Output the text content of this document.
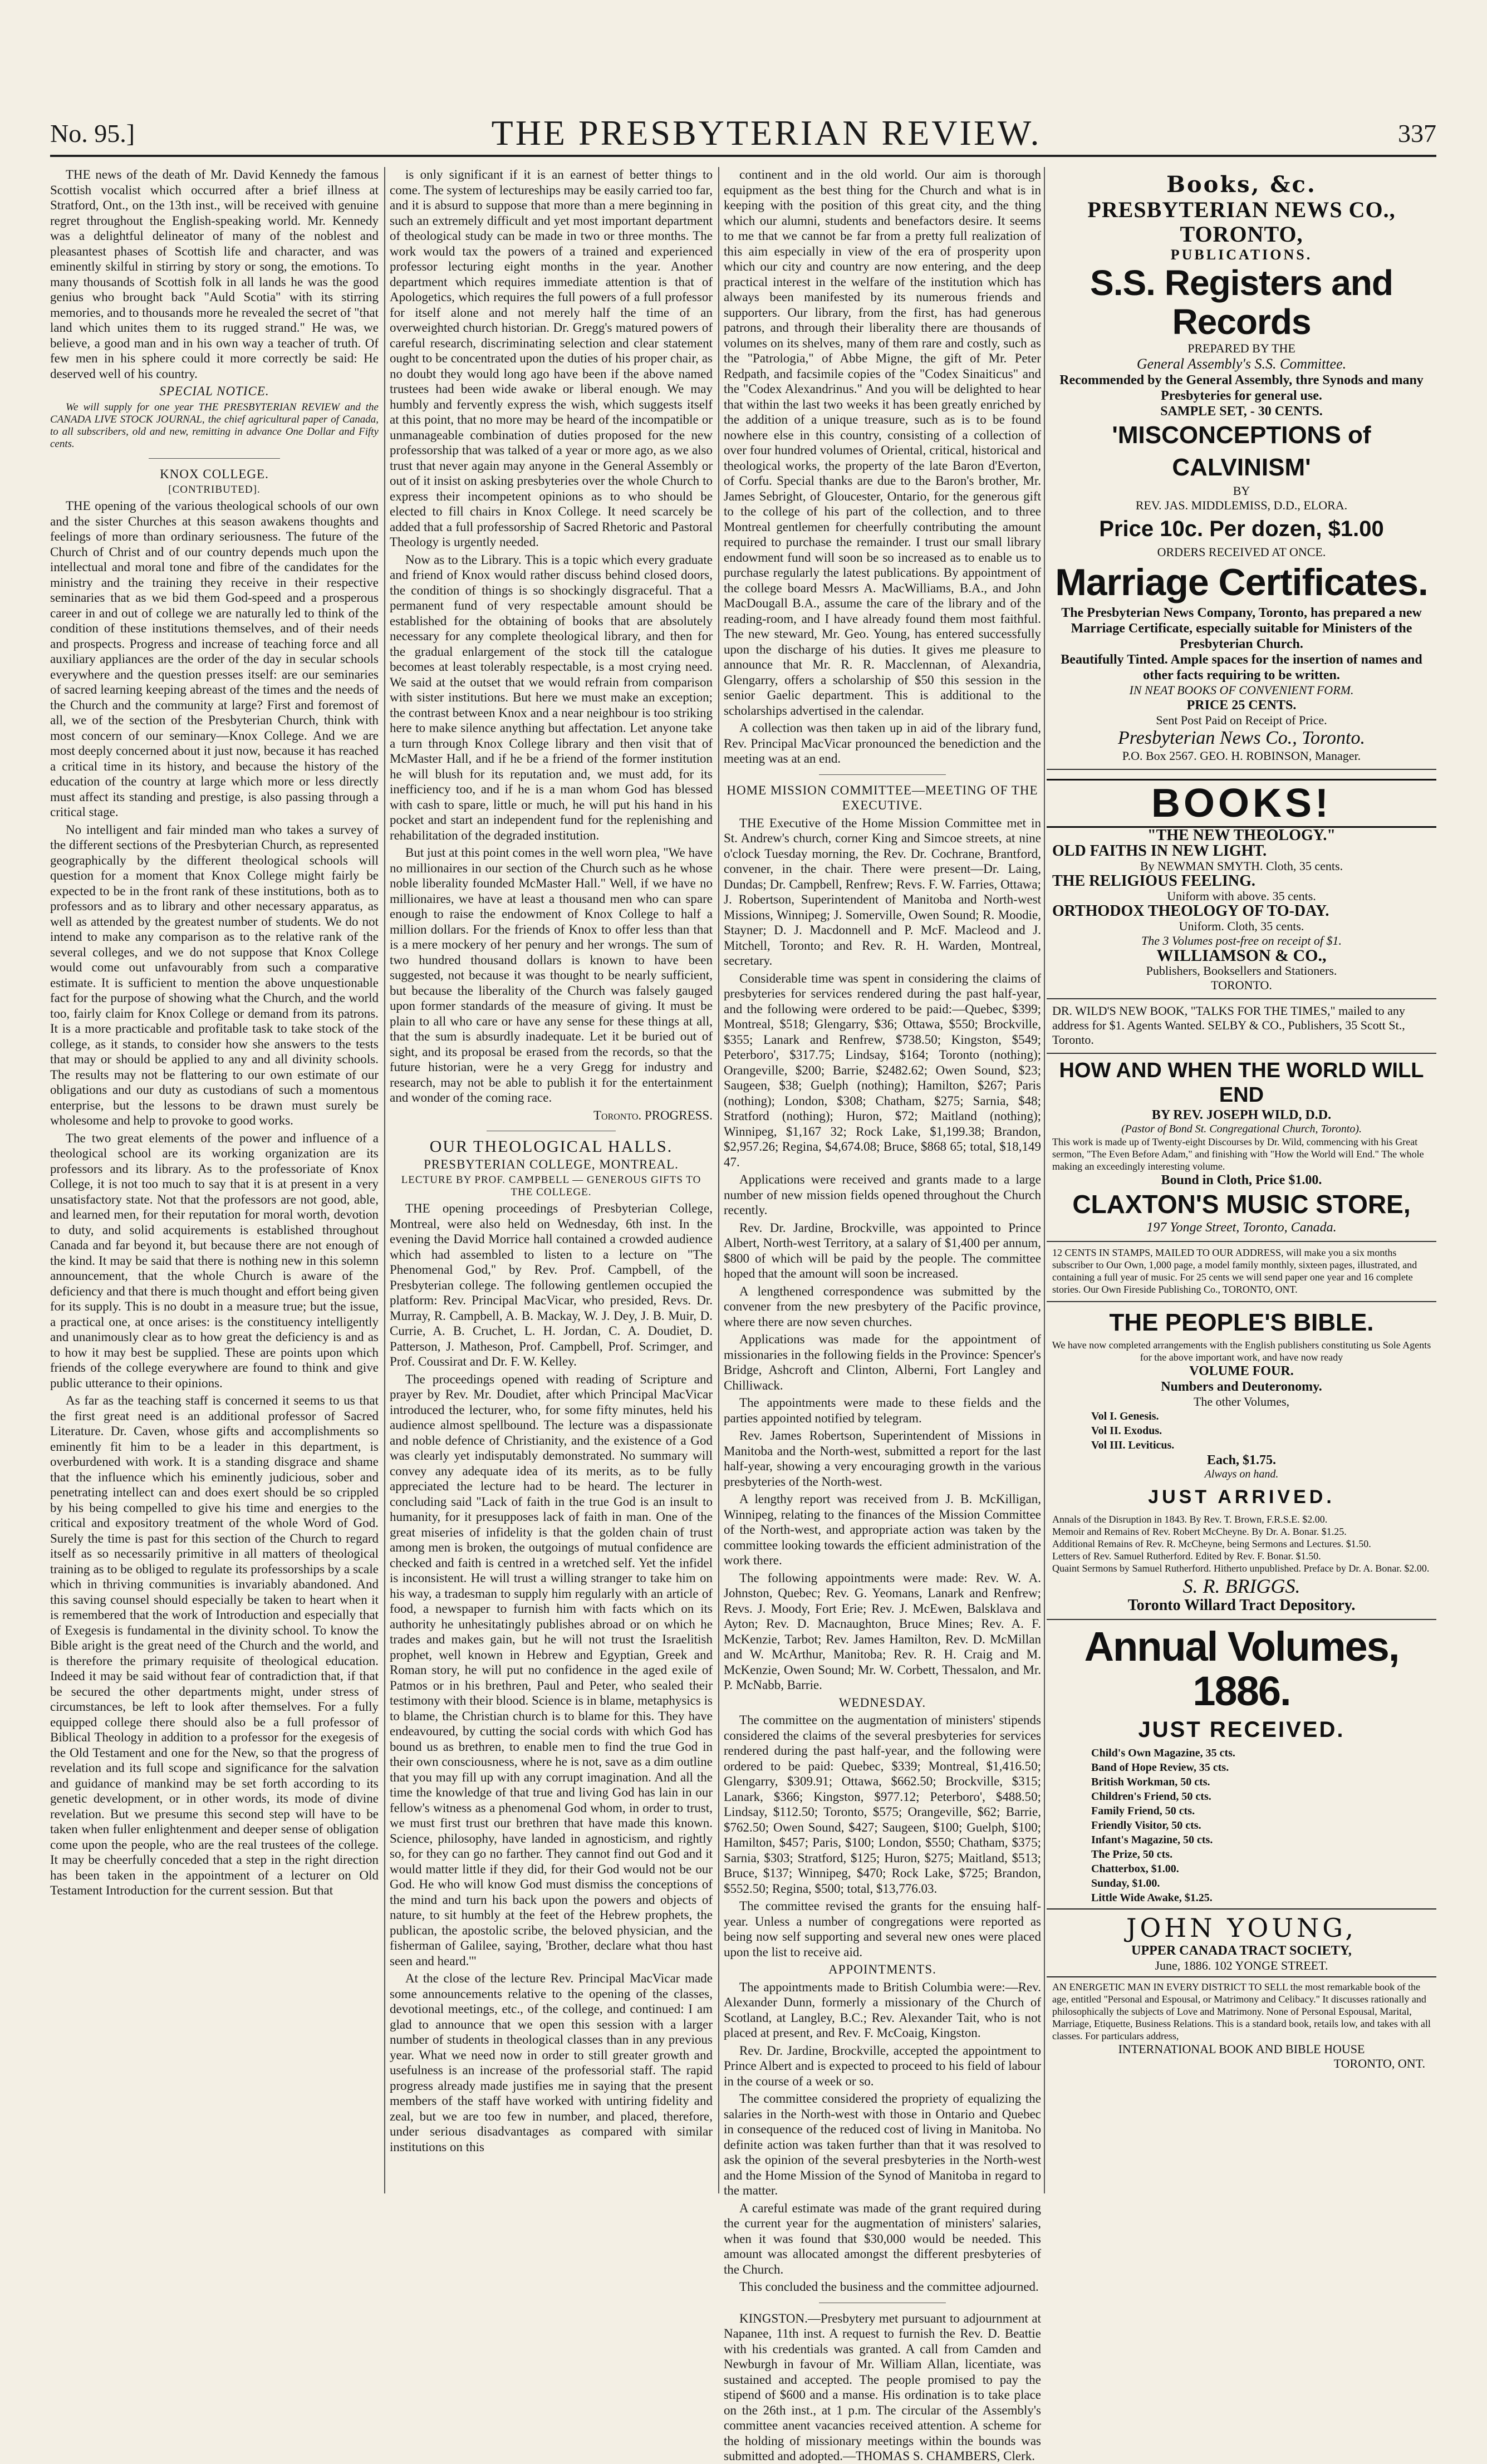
No. 95.]	THE PRESBYTERIAN REVIEW.	337

THE news of the death of Mr. David Kennedy the famous Scottish vocalist which occurred after a brief illness at Stratford, Ont., on the 13th inst., will be received with genuine regret throughout the English-speaking world. Mr. Kennedy was a delightful delineator of many of the noblest and pleasantest phases of Scottish life and character, and was eminently skilful in stirring by story or song, the emotions. To many thousands of Scottish folk in all lands he was the good genius who brought back "Auld Scotia" with its stirring memories, and to thousands more he revealed the secret of "that land which unites them to its rugged strand." He was, we believe, a good man and in his own way a teacher of truth. Of few men in his sphere could it more correctly be said: He deserved well of his country.

SPECIAL NOTICE.

We will supply for one year THE PRESBYTERIAN REVIEW and the CANADA LIVE STOCK JOURNAL, the chief agricultural paper of Canada, to all subscribers, old and new, remitting in advance One Dollar and Fifty cents.

KNOX COLLEGE.

[CONTRIBUTED].

THE opening of the various theological schools of our own and the sister Churches at this season awakens thoughts and feelings of more than ordinary seriousness. The future of the Church of Christ and of our country depends much upon the intellectual and moral tone and fibre of the candidates for the ministry and the training they receive in their respective seminaries that as we bid them God-speed and a prosperous career in and out of college we are naturally led to think of the condition of these institutions themselves, and of their needs and prospects. Progress and increase of teaching force and all auxiliary appliances are the order of the day in secular schools everywhere and the question presses itself: are our seminaries of sacred learning keeping abreast of the times and the needs of the Church and the community at large? First and foremost of all, we of the section of the Presbyterian Church, think with most concern of our seminary—Knox College. And we are most deeply concerned about it just now, because it has reached a critical time in its history, and because the history of the education of the country at large which more or less directly must affect its standing and prestige, is also passing through a critical stage.

No intelligent and fair minded man who takes a survey of the different sections of the Presbyterian Church, as represented geographically by the different theological schools will question for a moment that Knox College might fairly be expected to be in the front rank of these institutions, both as to professors and as to library and other necessary apparatus, as well as attended by the greatest number of students. We do not intend to make any comparison as to the relative rank of the several colleges, and we do not suppose that Knox College would come out unfavourably from such a comparative estimate. It is sufficient to mention the above unquestionable fact for the purpose of showing what the Church, and the world too, fairly claim for Knox College or demand from its patrons. It is a more practicable and profitable task to take stock of the college, as it stands, to consider how she answers to the tests that may or should be applied to any and all divinity schools. The results may not be flattering to our own estimate of our obligations and our duty as custodians of such a momentous enterprise, but the lessons to be drawn must surely be wholesome and help to provoke to good works.

The two great elements of the power and influence of a theological school are its working organization are its professors and its library. As to the professoriate of Knox College, it is not too much to say that it is at present in a very unsatisfactory state. Not that the professors are not good, able, and learned men, for their reputation for moral worth, devotion to duty, and solid acquirements is established throughout Canada and far beyond it, but because there are not enough of the kind. It may be said that there is nothing new in this solemn announcement, that the whole Church is aware of the deficiency and that there is much thought and effort being given for its supply. This is no doubt in a measure true; but the issue, a practical one, at once arises: is the constituency intelligently and unanimously clear as to how great the deficiency is and as to how it may best be supplied. These are points upon which friends of the college everywhere are found to think and give public utterance to their opinions.

As far as the teaching staff is concerned it seems to us that the first great need is an additional professor of Sacred Literature. Dr. Caven, whose gifts and accomplishments so eminently fit him to be a leader in this department, is overburdened with work. It is a standing disgrace and shame that the influence which his eminently judicious, sober and penetrating intellect can and does exert should be so crippled by his being compelled to give his time and energies to the critical and expository treatment of the whole Word of God. Surely the time is past for this section of the Church to regard itself as so necessarily primitive in all matters of theological training as to be obliged to regulate its professorships by a scale which in thriving communities is invariably abandoned. And this saving counsel should especially be taken to heart when it is remembered that the work of Introduction and especially that of Exegesis is fundamental in the divinity school. To know the Bible aright is the great need of the Church and the world, and is therefore the primary requisite of theological education. Indeed it may be said without fear of contradiction that, if that be secured the other departments might, under stress of circumstances, be left to look after themselves. For a fully equipped college there should also be a full professor of Biblical Theology in addition to a professor for the exegesis of the Old Testament and one for the New, so that the progress of revelation and its full scope and significance for the salvation and guidance of mankind may be set forth according to its genetic development, or in other words, its mode of divine revelation. But we presume this second step will have to be taken when fuller enlightenment and deeper sense of obligation come upon the people, who are the real trustees of the college. It may be cheerfully conceded that a step in the right direction has been taken in the appointment of a lecturer on Old Testament Introduction for the current session. But that

is only significant if it is an earnest of better things to come. The system of lectureships may be easily carried too far, and it is absurd to suppose that more than a mere beginning in such an extremely difficult and yet most important department of theological study can be made in two or three months. The work would tax the powers of a trained and experienced professor lecturing eight months in the year. Another department which requires immediate attention is that of Apologetics, which requires the full powers of a full professor for itself alone and not merely half the time of an overweighted church historian. Dr. Gregg's matured powers of careful research, discriminating selection and clear statement ought to be concentrated upon the duties of his proper chair, as no doubt they would long ago have been if the above named trustees had been wide awake or liberal enough. We may humbly and fervently express the wish, which suggests itself at this point, that no more may be heard of the incompatible or unmanageable combination of duties proposed for the new professorship that was talked of a year or more ago, as we also trust that never again may anyone in the General Assembly or out of it insist on asking presbyteries over the whole Church to express their incompetent opinions as to who should be elected to fill chairs in Knox College. It need scarcely be added that a full professorship of Sacred Rhetoric and Pastoral Theology is urgently needed.

Now as to the Library. This is a topic which every graduate and friend of Knox would rather discuss behind closed doors, the condition of things is so shockingly disgraceful. That a permanent fund of very respectable amount should be established for the obtaining of books that are absolutely necessary for any complete theological library, and then for the gradual enlargement of the stock till the catalogue becomes at least tolerably respectable, is a most crying need. We said at the outset that we would refrain from comparison with sister institutions. But here we must make an exception; the contrast between Knox and a near neighbour is too striking here to make silence anything but affectation. Let anyone take a turn through Knox College library and then visit that of McMaster Hall, and if he be a friend of the former institution he will blush for its reputation and, we must add, for its inefficiency too, and if he is a man whom God has blessed with cash to spare, little or much, he will put his hand in his pocket and start an independent fund for the replenishing and rehabilitation of the degraded institution.

But just at this point comes in the well worn plea, "We have no millionaires in our section of the Church such as he whose noble liberality founded McMaster Hall." Well, if we have no millionaires, we have at least a thousand men who can spare enough to raise the endowment of Knox College to half a million dollars. For the friends of Knox to offer less than that is a mere mockery of her penury and her wrongs. The sum of two hundred thousand dollars is known to have been suggested, not because it was thought to be nearly sufficient, but because the liberality of the Church was falsely gauged upon former standards of the measure of giving. It must be plain to all who care or have any sense for these things at all, that the sum is absurdly inadequate. Let it be buried out of sight, and its proposal be erased from the records, so that the future historian, were he a very Gregg for industry and research, may not be able to publish it for the entertainment and wonder of the coming race.

Toronto. PROGRESS.

OUR THEOLOGICAL HALLS.

PRESBYTERIAN COLLEGE, MONTREAL.

LECTURE BY PROF. CAMPBELL — GENEROUS GIFTS TO THE COLLEGE.

THE opening proceedings of Presbyterian College, Montreal, were also held on Wednesday, 6th inst. In the evening the David Morrice hall contained a crowded audience which had assembled to listen to a lecture on "The Phenomenal God," by Rev. Prof. Campbell, of the Presbyterian college. The following gentlemen occupied the platform: Rev. Principal MacVicar, who presided, Revs. Dr. Murray, R. Campbell, A. B. Mackay, W. J. Dey, J. B. Muir, D. Currie, A. B. Cruchet, L. H. Jordan, C. A. Doudiet, D. Patterson, J. Matheson, Prof. Campbell, Prof. Scrimger, and Prof. Coussirat and Dr. F. W. Kelley.

The proceedings opened with reading of Scripture and prayer by Rev. Mr. Doudiet, after which Principal MacVicar introduced the lecturer, who, for some fifty minutes, held his audience almost spellbound. The lecture was a dispassionate and noble defence of Christianity, and the existence of a God was clearly yet indisputably demonstrated. No summary will convey any adequate idea of its merits, as to be fully appreciated the lecture had to be heard. The lecturer in concluding said "Lack of faith in the true God is an insult to humanity, for it presupposes lack of faith in man. One of the great miseries of infidelity is that the golden chain of trust among men is broken, the outgoings of mutual confidence are checked and faith is centred in a wretched self. Yet the infidel is inconsistent. He will trust a willing stranger to take him on his way, a tradesman to supply him regularly with an article of food, a newspaper to furnish him with facts which on its authority he unhesitatingly publishes abroad or on which he trades and makes gain, but he will not trust the Israelitish prophet, well known in Hebrew and Egyptian, Greek and Roman story, he will put no confidence in the aged exile of Patmos or in his brethren, Paul and Peter, who sealed their testimony with their blood. Science is in blame, metaphysics is to blame, the Christian church is to blame for this. They have endeavoured, by cutting the social cords with which God has bound us as brethren, to enable men to find the true God in their own consciousness, where he is not, save as a dim outline that you may fill up with any corrupt imagination. And all the time the knowledge of that true and living God has lain in our fellow's witness as a phenomenal God whom, in order to trust, we must first trust our brethren that have made this known. Science, philosophy, have landed in agnosticism, and rightly so, for they can go no farther. They cannot find out God and it would matter little if they did, for their God would not be our God. He who will know God must dismiss the conceptions of the mind and turn his back upon the powers and objects of nature, to sit humbly at the feet of the Hebrew prophets, the publican, the apostolic scribe, the beloved physician, and the fisherman of Galilee, saying, 'Brother, declare what thou hast seen and heard.'"

At the close of the lecture Rev. Principal MacVicar made some announcements relative to the opening of the classes, devotional meetings, etc., of the college, and continued: I am glad to announce that we open this session with a larger number of students in theological classes than in any previous year. What we need now in order to still greater growth and usefulness is an increase of the professorial staff. The rapid progress already made justifies me in saying that the present members of the staff have worked with untiring fidelity and zeal, but we are too few in number, and placed, therefore, under serious disadvantages as compared with similar institutions on this

continent and in the old world. Our aim is thorough equipment as the best thing for the Church and what is in keeping with the position of this great city, and the thing which our alumni, students and benefactors desire. It seems to me that we cannot be far from a pretty full realization of this aim especially in view of the era of prosperity upon which our city and country are now entering, and the deep practical interest in the welfare of the institution which has always been manifested by its numerous friends and supporters. Our library, from the first, has had generous patrons, and through their liberality there are thousands of volumes on its shelves, many of them rare and costly, such as the "Patrologia," of Abbe Migne, the gift of Mr. Peter Redpath, and facsimile copies of the "Codex Sinaiticus" and the "Codex Alexandrinus." And you will be delighted to hear that within the last two weeks it has been greatly enriched by the addition of a unique treasure, such as is to be found nowhere else in this country, consisting of a collection of over four hundred volumes of Oriental, critical, historical and theological works, the property of the late Baron d'Everton, of Corfu. Special thanks are due to the Baron's brother, Mr. James Sebright, of Gloucester, Ontario, for the generous gift to the college of his part of the collection, and to three Montreal gentlemen for cheerfully contributing the amount required to purchase the remainder. I trust our small library endowment fund will soon be so increased as to enable us to purchase regularly the latest publications. By appointment of the college board Messrs A. MacWilliams, B.A., and John MacDougall B.A., assume the care of the library and of the reading-room, and I have already found them most faithful. The new steward, Mr. Geo. Young, has entered successfully upon the discharge of his duties. It gives me pleasure to announce that Mr. R. R. Macclennan, of Alexandria, Glengarry, offers a scholarship of $50 this session in the senior Gaelic department. This is additional to the scholarships advertised in the calendar.

A collection was then taken up in aid of the library fund, Rev. Principal MacVicar pronounced the benediction and the meeting was at an end.

HOME MISSION COMMITTEE—MEETING OF THE EXECUTIVE.

THE Executive of the Home Mission Committee met in St. Andrew's church, corner King and Simcoe streets, at nine o'clock Tuesday morning, the Rev. Dr. Cochrane, Brantford, convener, in the chair. There were present—Dr. Laing, Dundas; Dr. Campbell, Renfrew; Revs. F. W. Farries, Ottawa; J. Robertson, Superintendent of Manitoba and North-west Missions, Winnipeg; J. Somerville, Owen Sound; R. Moodie, Stayner; D. J. Macdonnell and P. McF. Macleod and J. Mitchell, Toronto; and Rev. R. H. Warden, Montreal, secretary.

Considerable time was spent in considering the claims of presbyteries for services rendered during the past half-year, and the following were ordered to be paid:—Quebec, $399; Montreal, $518; Glengarry, $36; Ottawa, $550; Brockville, $355; Lanark and Renfrew, $738.50; Kingston, $549; Peterboro', $317.75; Lindsay, $164; Toronto (nothing); Orangeville, $200; Barrie, $2482.62; Owen Sound, $23; Saugeen, $38; Guelph (nothing); Hamilton, $267; Paris (nothing); London, $308; Chatham, $275; Sarnia, $48; Stratford (nothing); Huron, $72; Maitland (nothing); Winnipeg, $1,167 32; Rock Lake, $1,199.38; Brandon, $2,957.26; Regina, $4,674.08; Bruce, $868 65; total, $18,149 47.

Applications were received and grants made to a large number of new mission fields opened throughout the Church recently.

Rev. Dr. Jardine, Brockville, was appointed to Prince Albert, North-west Territory, at a salary of $1,400 per annum, $800 of which will be paid by the people. The committee hoped that the amount will soon be increased.

A lengthened correspondence was submitted by the convener from the new presbytery of the Pacific province, where there are now seven churches.

Applications was made for the appointment of missionaries in the following fields in the Province: Spencer's Bridge, Ashcroft and Clinton, Alberni, Fort Langley and Chilliwack.

The appointments were made to these fields and the parties appointed notified by telegram.

Rev. James Robertson, Superintendent of Missions in Manitoba and the North-west, submitted a report for the last half-year, showing a very encouraging growth in the various presbyteries of the North-west.

A lengthy report was received from J. B. McKilligan, Winnipeg, relating to the finances of the Mission Committee of the North-west, and appropriate action was taken by the committee looking towards the efficient administration of the work there.

The following appointments were made: Rev. W. A. Johnston, Quebec; Rev. G. Yeomans, Lanark and Renfrew; Revs. J. Moody, Fort Erie; Rev. J. McEwen, Balsklava and Ayton; Rev. D. Macnaughton, Bruce Mines; Rev. A. F. McKenzie, Tarbot; Rev. James Hamilton, Rev. D. McMillan and W. McArthur, Manitoba; Rev. R. H. Craig and M. McKenzie, Owen Sound; Mr. W. Corbett, Thessalon, and Mr. P. McNabb, Barrie.

WEDNESDAY.

The committee on the augmentation of ministers' stipends considered the claims of the several presbyteries for services rendered during the past half-year, and the following were ordered to be paid: Quebec, $339; Montreal, $1,416.50; Glengarry, $309.91; Ottawa, $662.50; Brockville, $315; Lanark, $366; Kingston, $977.12; Peterboro', $488.50; Lindsay, $112.50; Toronto, $575; Orangeville, $62; Barrie, $762.50; Owen Sound, $427; Saugeen, $100; Guelph, $100; Hamilton, $457; Paris, $100; London, $550; Chatham, $375; Sarnia, $303; Stratford, $125; Huron, $275; Maitland, $513; Bruce, $137; Winnipeg, $470; Rock Lake, $725; Brandon, $552.50; Regina, $500; total, $13,776.03.

The committee revised the grants for the ensuing half-year. Unless a number of congregations were reported as being now self supporting and several new ones were placed upon the list to receive aid.

APPOINTMENTS.

The appointments made to British Columbia were:—Rev. Alexander Dunn, formerly a missionary of the Church of Scotland, at Langley, B.C.; Rev. Alexander Tait, who is not placed at present, and Rev. F. McCoaig, Kingston.

Rev. Dr. Jardine, Brockville, accepted the appointment to Prince Albert and is expected to proceed to his field of labour in the course of a week or so.

The committee considered the propriety of equalizing the salaries in the North-west with those in Ontario and Quebec in consequence of the reduced cost of living in Manitoba. No definite action was taken further than that it was resolved to ask the opinion of the several presbyteries in the North-west and the Home Mission of the Synod of Manitoba in regard to the matter.

A careful estimate was made of the grant required during the current year for the augmentation of ministers' salaries, when it was found that $30,000 would be needed. This amount was allocated amongst the different presbyteries of the Church.

This concluded the business and the committee adjourned.

KINGSTON.—Presbytery met pursuant to adjournment at Napanee, 11th inst. A request to furnish the Rev. D. Beattie with his credentials was granted. A call from Camden and Newburgh in favour of Mr. William Allan, licentiate, was sustained and accepted. The people promised to pay the stipend of $600 and a manse. His ordination is to take place on the 26th inst., at 1 p.m. The circular of the Assembly's committee anent vacancies received attention. A scheme for the holding of missionary meetings within the bounds was submitted and adopted.—THOMAS S. CHAMBERS, Clerk.

Books, &c.
PRESBYTERIAN NEWS CO., TORONTO,
PUBLICATIONS.
S.S. Registers and Records
PREPARED BY THE
General Assembly's S.S. Committee.
Recommended by the General Assembly, thre Synods and many Presbyteries for general use.
SAMPLE SET, - 30 CENTS.
'MISCONCEPTIONS of CALVINISM'
BY
REV. JAS. MIDDLEMISS, D.D., ELORA.
Price 10c. Per dozen, $1.00
ORDERS RECEIVED AT ONCE.
Marriage Certificates.
The Presbyterian News Company, Toronto, has prepared a new Marriage Certificate, especially suitable for Ministers of the Presbyterian Church.
Beautifully Tinted. Ample spaces for the insertion of names and other facts requiring to be written.
IN NEAT BOOKS OF CONVENIENT FORM.
PRICE 25 CENTS.
Sent Post Paid on Receipt of Price.
Presbyterian News Co., Toronto.
P.O. Box 2567. GEO. H. ROBINSON, Manager.
BOOKS!
"THE NEW THEOLOGY."
OLD FAITHS IN NEW LIGHT.
By NEWMAN SMYTH. Cloth, 35 cents.
THE RELIGIOUS FEELING.
Uniform with above. 35 cents.
ORTHODOX THEOLOGY OF TO-DAY.
Uniform. Cloth, 35 cents.
The 3 Volumes post-free on receipt of $1.
WILLIAMSON & CO.,
Publishers, Booksellers and Stationers.
TORONTO.
DR. WILD'S NEW BOOK, "TALKS FOR THE TIMES," mailed to any address for $1. Agents Wanted. SELBY & CO., Publishers, 35 Scott St., Toronto.
HOW AND WHEN THE WORLD WILL END
BY REV. JOSEPH WILD, D.D.
(Pastor of Bond St. Congregational Church, Toronto).
This work is made up of Twenty-eight Discourses by Dr. Wild, commencing with his Great sermon, "The Even Before Adam," and finishing with "How the World will End." The whole making an exceedingly interesting volume.
Bound in Cloth, Price $1.00.
CLAXTON'S MUSIC STORE,
197 Yonge Street, Toronto, Canada.
12 CENTS IN STAMPS, MAILED TO OUR ADDRESS, will make you a six months subscriber to Our Own, 1,000 page, a model family monthly, sixteen pages, illustrated, and containing a full year of music. For 25 cents we will send paper one year and 16 complete stories. Our Own Fireside Publishing Co., TORONTO, ONT.
THE PEOPLE'S BIBLE.
We have now completed arrangements with the English publishers constituting us Sole Agents for the above important work, and have now ready
VOLUME FOUR.
Numbers and Deuteronomy.
The other Volumes,
Vol I. Genesis.
Vol II. Exodus.
Vol III. Leviticus.
Each, $1.75.
Always on hand.
JUST ARRIVED.
Annals of the Disruption in 1843. By Rev. T. Brown, F.R.S.E. $2.00.
Memoir and Remains of Rev. Robert McCheyne. By Dr. A. Bonar. $1.25.
Additional Remains of Rev. R. McCheyne, being Sermons and Lectures. $1.50.
Letters of Rev. Samuel Rutherford. Edited by Rev. F. Bonar. $1.50.
Quaint Sermons by Samuel Rutherford. Hitherto unpublished. Preface by Dr. A. Bonar. $2.00.
S. R. BRIGGS.
Toronto Willard Tract Depository.
Annual Volumes, 1886.
JUST RECEIVED.
Child's Own Magazine, 35 cts.
Band of Hope Review, 35 cts.
British Workman, 50 cts.
Children's Friend, 50 cts.
Family Friend, 50 cts.
Friendly Visitor, 50 cts.
Infant's Magazine, 50 cts.
The Prize, 50 cts.
Chatterbox, $1.00.
Sunday, $1.00.
Little Wide Awake, $1.25.
JOHN YOUNG,
UPPER CANADA TRACT SOCIETY,
June, 1886. 102 YONGE STREET.
AN ENERGETIC MAN IN EVERY DISTRICT TO SELL the most remarkable book of the age, entitled "Personal and Espousal, or Matrimony and Celibacy." It discusses rationally and philosophically the subjects of Love and Matrimony. None of Personal Espousal, Marital, Marriage, Etiquette, Business Relations. This is a standard book, retails low, and takes with all classes. For particulars address,
INTERNATIONAL BOOK AND BIBLE HOUSE
TORONTO, ONT.
